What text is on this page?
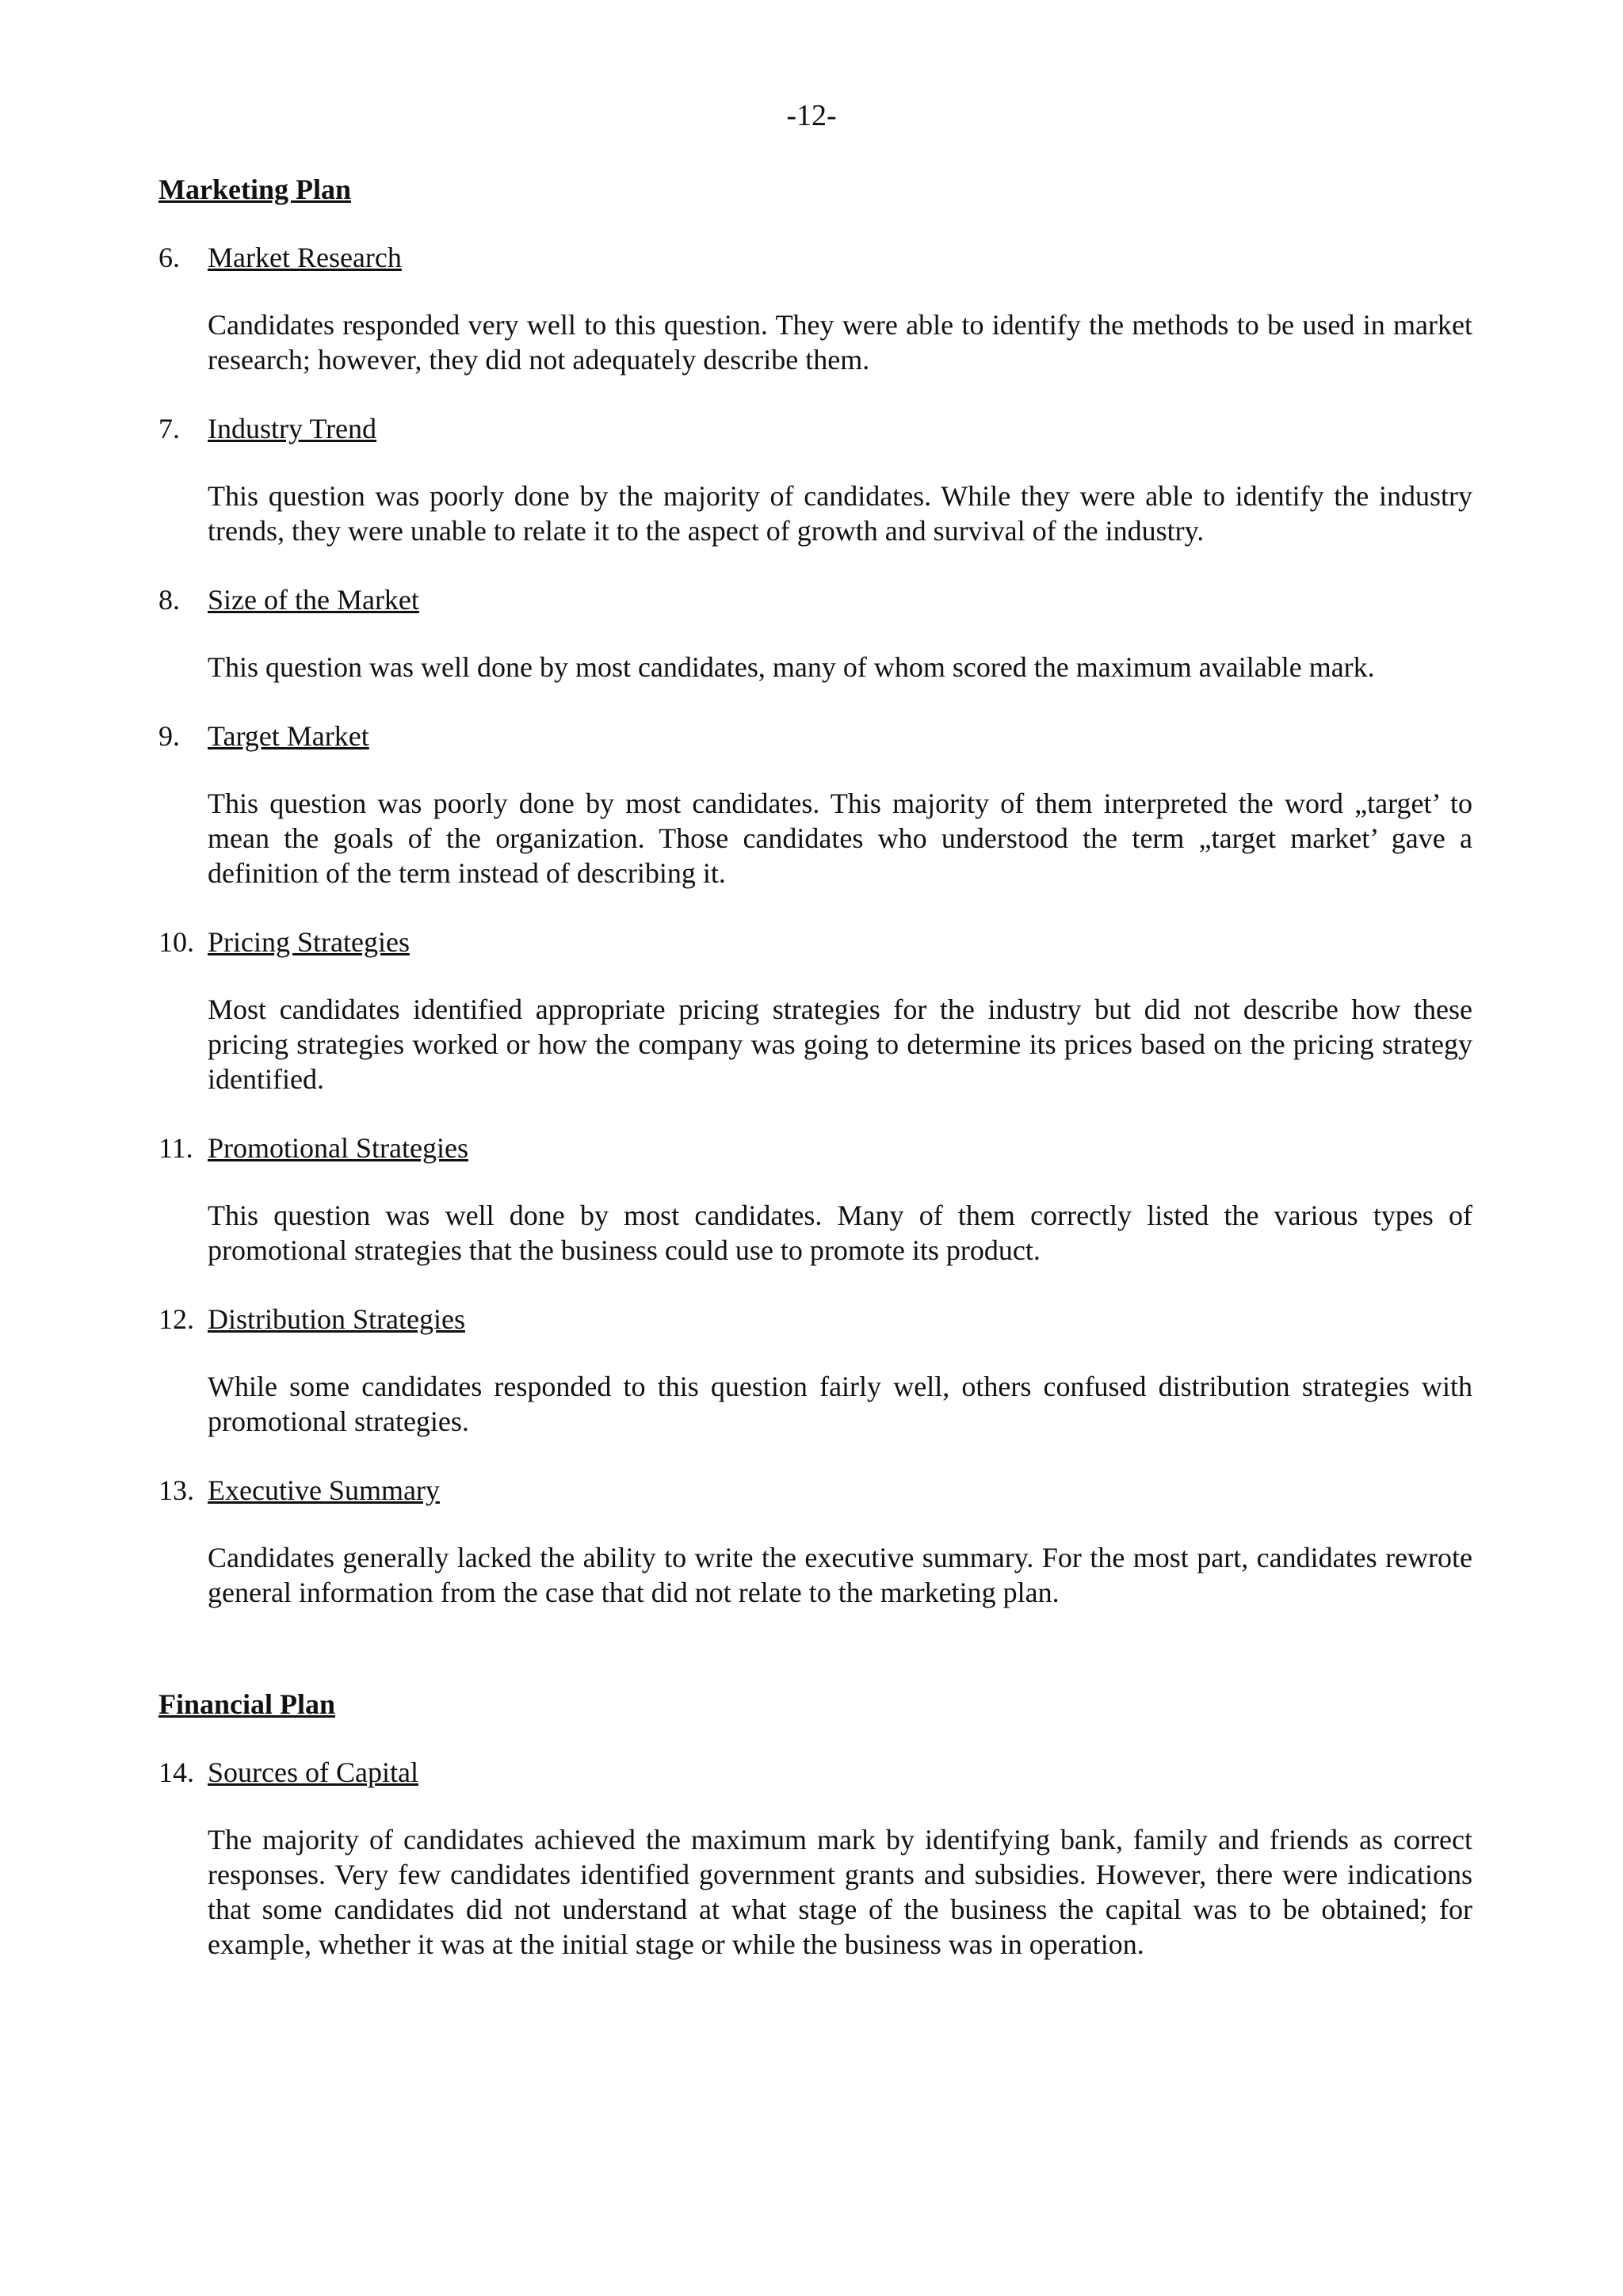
-12-
Marketing Plan
6. Market Research
Candidates responded very well to this question. They were able to identify the methods to be used in market research; however, they did not adequately describe them.
7. Industry Trend
This question was poorly done by the majority of candidates. While they were able to identify the industry trends, they were unable to relate it to the aspect of growth and survival of the industry.
8. Size of the Market
This question was well done by most candidates, many of whom scored the maximum available mark.
9. Target Market
This question was poorly done by most candidates. This majority of them interpreted the word „target’ to mean the goals of the organization. Those candidates who understood the term „target market’ gave a definition of the term instead of describing it.
10. Pricing Strategies
Most candidates identified appropriate pricing strategies for the industry but did not describe how these pricing strategies worked or how the company was going to determine its prices based on the pricing strategy identified.
11. Promotional Strategies
This question was well done by most candidates. Many of them correctly listed the various types of promotional strategies that the business could use to promote its product.
12. Distribution Strategies
While some candidates responded to this question fairly well, others confused distribution strategies with promotional strategies.
13. Executive Summary
Candidates generally lacked the ability to write the executive summary. For the most part, candidates rewrote general information from the case that did not relate to the marketing plan.
Financial Plan
14. Sources of Capital
The majority of candidates achieved the maximum mark by identifying bank, family and friends as correct responses. Very few candidates identified government grants and subsidies. However, there were indications that some candidates did not understand at what stage of the business the capital was to be obtained; for example, whether it was at the initial stage or while the business was in operation.
